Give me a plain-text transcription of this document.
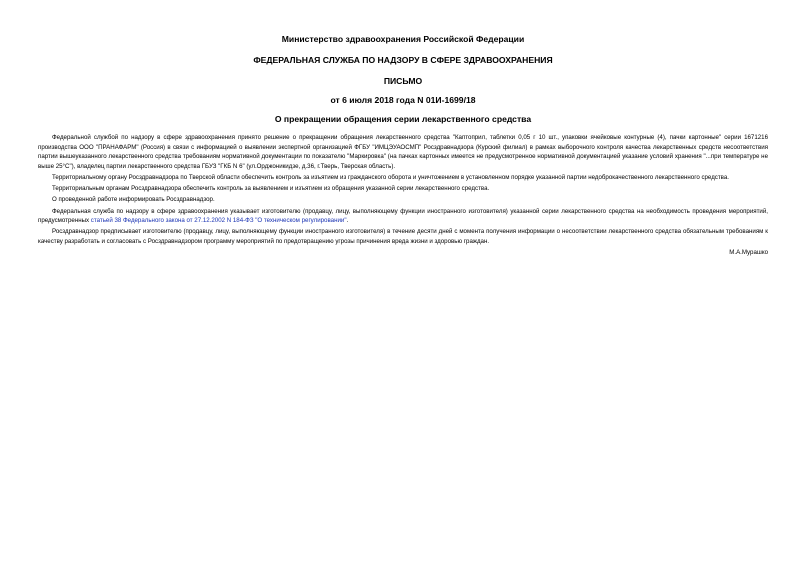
Министерство здравоохранения Российской Федерации

ФЕДЕРАЛЬНАЯ СЛУЖБА ПО НАДЗОРУ В СФЕРЕ ЗДРАВООХРАНЕНИЯ

ПИСЬМО

от 6 июля 2018 года N 01И-1699/18

О прекращении обращения серии лекарственного средства

Федеральной службой по надзору в сфере здравоохранения принято решение о прекращении обращения лекарственного средства "Каптоприл, таблетки 0,05 г 10 шт., упаковки ячейковые контурные (4), пачки картонные" серии 1671216 производства ООО "ПРАНАФАРМ" (Россия) в связи с информацией о выявлении экспертной организацией ФГБУ "ИМЦЭУАОСМП" Росздравнадзора (Курский филиал) в рамках выборочного контроля качества лекарственных средств несоответствия партии вышеуказанного лекарственного средства требованиям нормативной документации по показателю "Маркировка" (на пачках картонных имеется не предусмотренное нормативной документацией указание условий хранения "...при температуре не выше 25°C"), владелец партии лекарственного средства ГБУЗ "ГКБ N 6" (ул.Орджоникидзе, д.36, г.Тверь, Тверская область).

Территориальному органу Росздравнадзора по Тверской области обеспечить контроль за изъятием из гражданского оборота и уничтожением в установленном порядке указанной партии недоброкачественного лекарственного средства.

Территориальным органам Росздравнадзора обеспечить контроль за выявлением и изъятием из обращения указанной серии лекарственного средства.

О проведенной работе информировать Росздравнадзор.

Федеральная служба по надзору в сфере здравоохранения указывает изготовителю (продавцу, лицу, выполняющему функции иностранного изготовителя) указанной серии лекарственного средства на необходимость проведения мероприятий, предусмотренных статьей 38 Федерального закона от 27.12.2002 N 184-ФЗ "О техническом регулировании".

Росздравнадзор предписывает изготовителю (продавцу, лицу, выполняющему функции иностранного изготовителя) в течение десяти дней с момента получения информации о несоответствии лекарственного средства обязательным требованиям к качеству разработать и согласовать с Росздравнадзором программу мероприятий по предотвращению угрозы причинения вреда жизни и здоровью граждан.

М.А.Мурашко
